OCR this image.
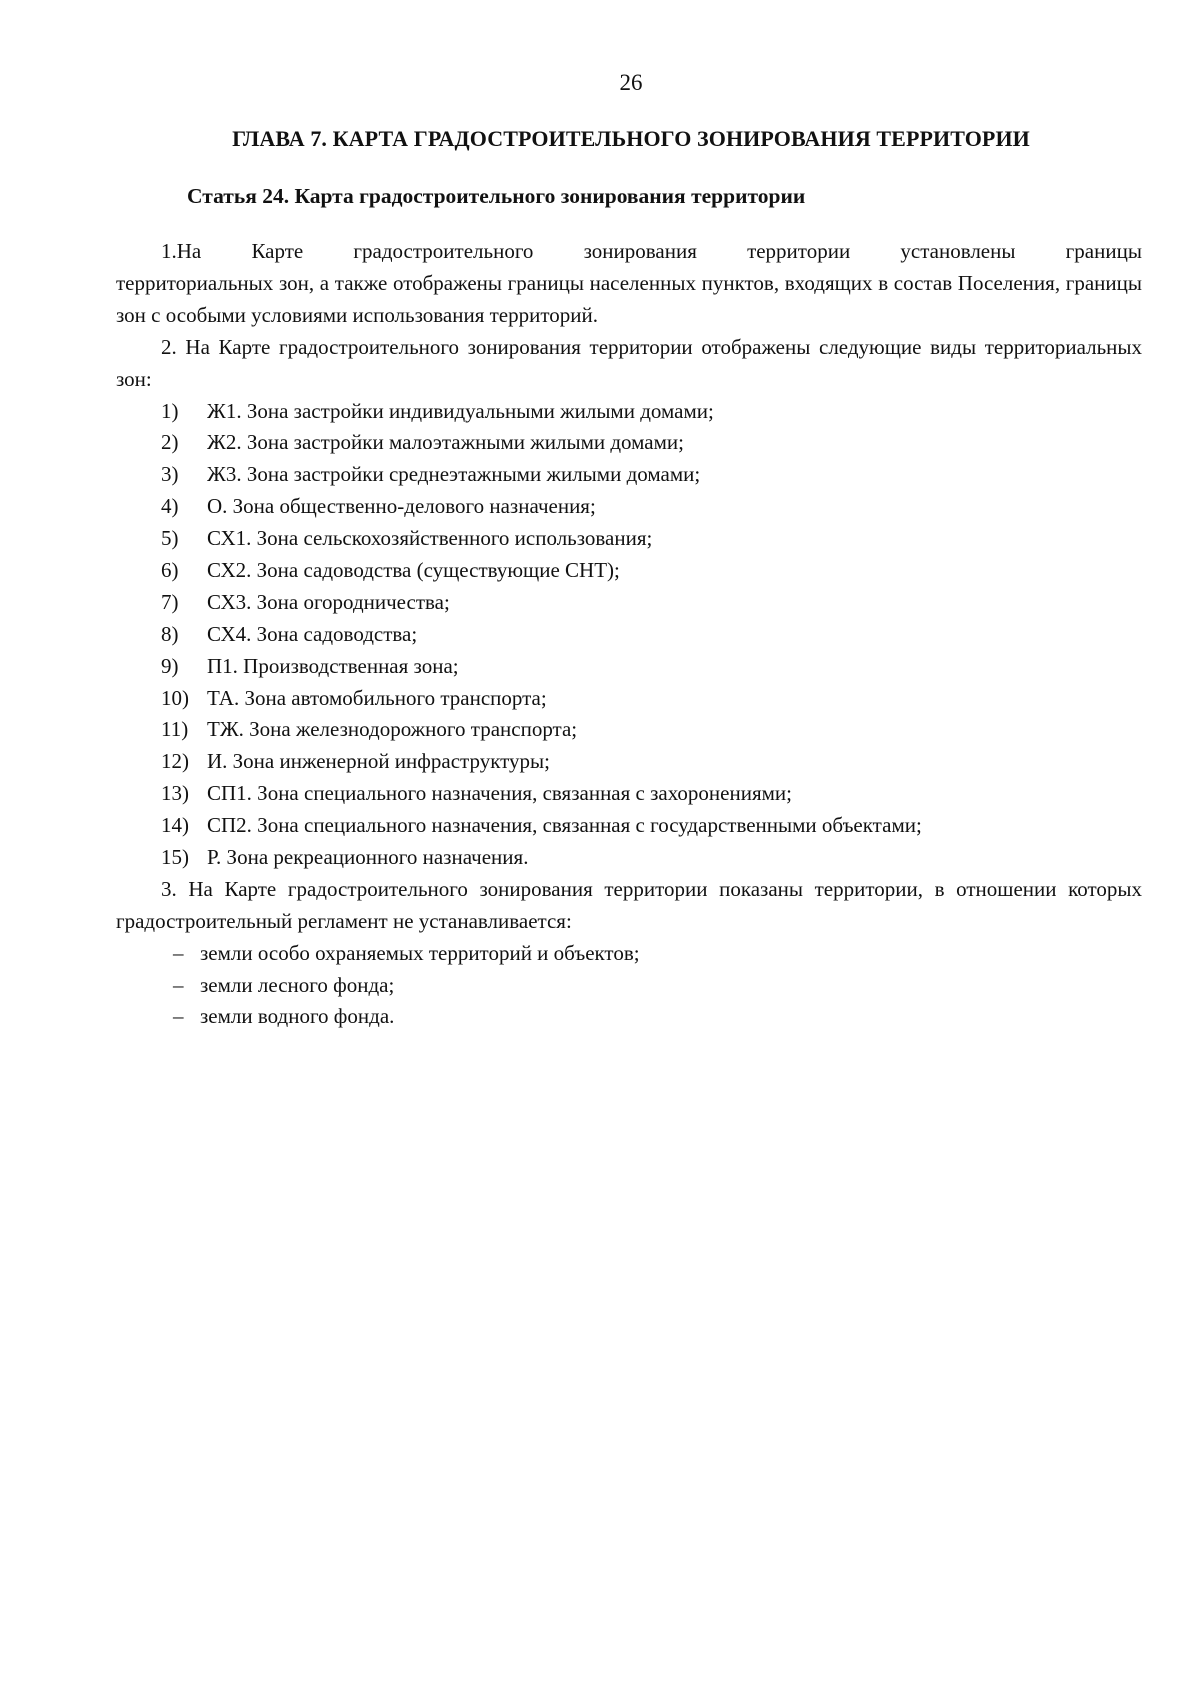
26
ГЛАВА 7. КАРТА ГРАДОСТРОИТЕЛЬНОГО ЗОНИРОВАНИЯ ТЕРРИТОРИИ
Статья 24. Карта градостроительного зонирования территории
1.На Карте градостроительного зонирования территории установлены границы

территориальных зон, а также отображены границы населенных пунктов, входящих в состав Поселения, границы зон с особыми условиями использования территорий.

2. На Карте градостроительного зонирования территории отображены следующие виды территориальных зон:

1)	Ж1. Зона застройки индивидуальными жилыми домами;
2)	Ж2. Зона застройки малоэтажными жилыми домами;
3)	Ж3. Зона застройки среднеэтажными жилыми домами;
4)	О. Зона общественно-делового назначения;
5)	СХ1. Зона сельскохозяйственного использования;
6)	СХ2. Зона садоводства (существующие СНТ);
7)	СХ3. Зона огородничества;
8)	СХ4. Зона садоводства;
9)	П1. Производственная зона;
10) ТА. Зона автомобильного транспорта;
11) ТЖ. Зона железнодорожного транспорта;
12) И. Зона инженерной инфраструктуры;
13) СП1. Зона специального назначения, связанная с захоронениями;
14) СП2. Зона специального назначения, связанная с государственными объектами;
15) Р. Зона рекреационного назначения.

3. На Карте градостроительного зонирования территории показаны территории, в отношении которых градостроительный регламент не устанавливается:

– земли особо охраняемых территорий и объектов;
– земли лесного фонда;
– земли водного фонда.
